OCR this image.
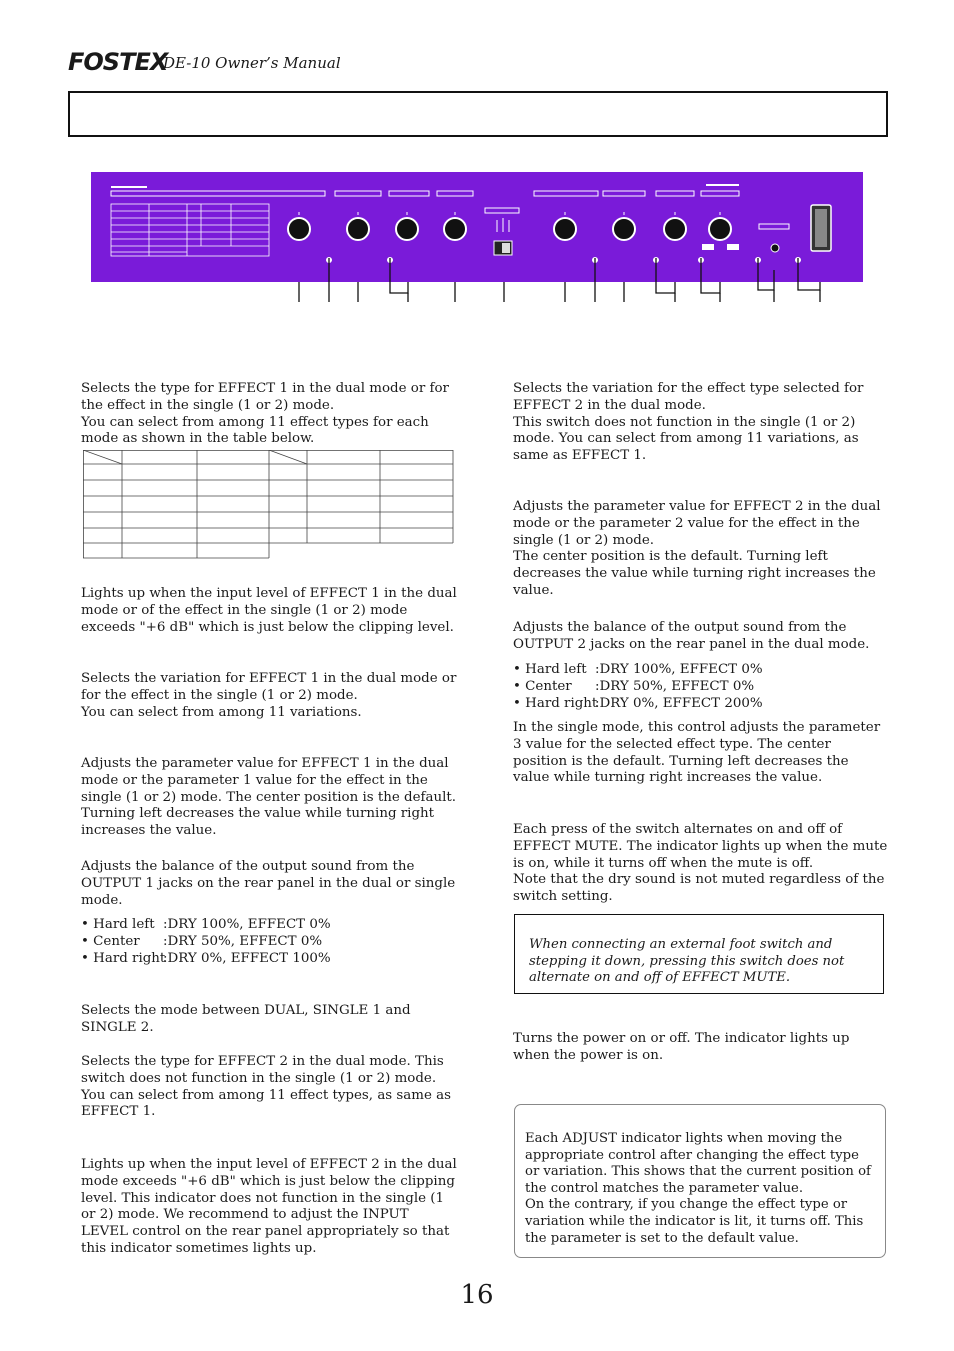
FOSTEX
DE-10 Owner’s Manual

Selects the type for EFFECT 1 in the dual mode or for the effect in the single (1 or 2) mode.

You can select from among 11 effect types for each mode as shown in the table below.

Lights up when the input level of EFFECT 1 in the dual mode or of the effect in the single (1 or 2) mode exceeds "+6 dB" which is just below the clipping level.

Selects the variation for EFFECT 1 in the dual mode or for the effect in the single (1 or 2) mode.

You can select from among 11 variations.

Adjusts the parameter value for EFFECT 1 in the dual mode or the parameter 1 value for the effect in the single (1 or 2) mode. The center position is the default. Turning left decreases the value while turning right increases the value.

Adjusts the balance of the output sound from the OUTPUT 1 jacks on the rear panel in the dual or single mode.

• Hard left :DRY 100%, EFFECT 0%
• Center :DRY 50%, EFFECT 0%
• Hard right:DRY 0%, EFFECT 100%

Selects the mode between DUAL, SINGLE 1 and SINGLE 2.

Selects the type for EFFECT 2 in the dual mode. This switch does not function in the single (1 or 2) mode.

You can select from among 11 effect types, as same as EFFECT 1.

Lights up when the input level of EFFECT 2 in the dual mode exceeds "+6 dB" which is just below the clipping level. This indicator does not function in the single (1 or 2) mode. We recommend to adjust the INPUT LEVEL control on the rear panel appropriately so that this indicator sometimes lights up.

Selects the variation for the effect type selected for EFFECT 2 in the dual mode.

This switch does not function in the single (1 or 2) mode. You can select from among 11 variations, as same as EFFECT 1.

Adjusts the parameter value for EFFECT 2 in the dual mode or the parameter 2 value for the effect in the single (1 or 2) mode.

The center position is the default. Turning left decreases the value while turning right increases the value.

Adjusts the balance of the output sound from the OUTPUT 2 jacks on the rear panel in the dual mode.

• Hard left :DRY 100%, EFFECT 0%
• Center :DRY 50%, EFFECT 0%
• Hard right:DRY 0%, EFFECT 200%

In the single mode, this control adjusts the parameter 3 value for the selected effect type. The center position is the default. Turning left decreases the value while turning right increases the value.

Each press of the switch alternates on and off of EFFECT MUTE. The indicator lights up when the mute is on, while it turns off when the mute is off.

Note that the dry sound is not muted regardless of the switch setting.

When connecting an external foot switch and stepping it down, pressing this switch does not alternate on and off of EFFECT MUTE.

Turns the power on or off. The indicator lights up when the power is on.

Each ADJUST indicator lights when moving the appropriate control after changing the effect type or variation. This shows that the current position of the control matches the parameter value.
On the contrary, if you change the effect type or variation while the indicator is lit, it turns off. This the parameter is set to the default value.

16
